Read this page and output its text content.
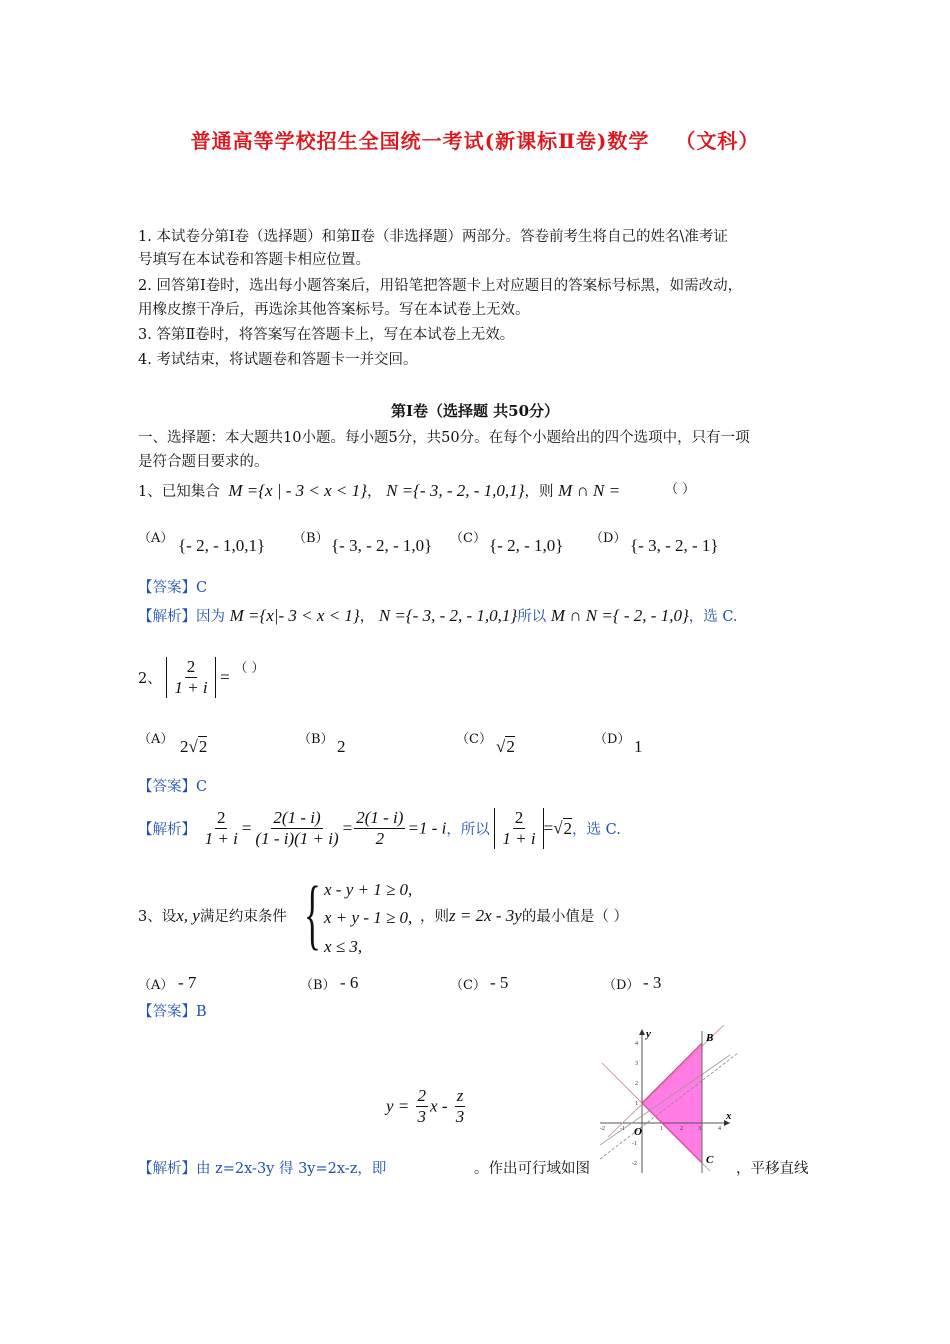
普通高等学校招生全国统一考试(新课标Ⅱ卷)数学 （文科）
1. 本试卷分第Ⅰ卷（选择题）和第Ⅱ卷（非选择题）两部分。答卷前考生将自己的姓名\准考证
号填写在本试卷和答题卡相应位置。
2. 回答第Ⅰ卷时，选出每小题答案后，用铅笔把答题卡上对应题目的答案标号标黑，如需改动，
用橡皮擦干净后，再选涂其他答案标号。写在本试卷上无效。
3. 答第Ⅱ卷时，将答案写在答题卡上，写在本试卷上无效。
4. 考试结束，将试题卷和答题卡一并交回。
第Ⅰ卷（选择题 共50分）
一、选择题：本大题共10小题。每小题5分，共50分。在每个小题给出的四个选项中，只有一项
是符合题目要求的。
1、已知集合 M ={x | - 3 < x < 1}， N ={- 3, - 2, - 1,0,1}，则 M ∩ N =	（ ）
（A） {- 2, - 1,0,1} （B） {- 3, - 2, - 1,0} （C） {- 2, - 1,0} （D） {- 3, - 2, - 1}
【答案】C
【解析】因为 M ={x|- 3 < x < 1}， N ={- 3, - 2, - 1,0,1}所以 M ∩ N ={ - 2, - 1,0}，选 C.
2、 $\frac{2}{1 + i}$ = （ ）
（A） 2√2	（B） 2	（C） √2	（D） 1
【答案】C
【解析】 $\frac{2}{1 + i} = \frac{2(1 - i)}{(1 - i)(1 + i)} = \frac{2(1 - i)}{2} =1 - i$，所以 $\frac{2}{1 + i} =√2$，选 C.
{
3、设x, y满足约束条件
x - y + 1 ≥ 0,
x + y - 1 ≥ 0,
x ≤ 3,
，则z = 2x - 3y的最小值是（ ）
（A） - 7	（B） - 6	（C） - 5	（D） - 3
【答案】B
$y = \frac{2}{3}$ x - $\frac{z}{3}$
y
x
O
B
C
4
3
2
1
-1
-2
-2	-1	1	2	3	4
【解析】由 z=2x-3y 得 3y=2x-z，即	。作出可行域如图	，平移直线
